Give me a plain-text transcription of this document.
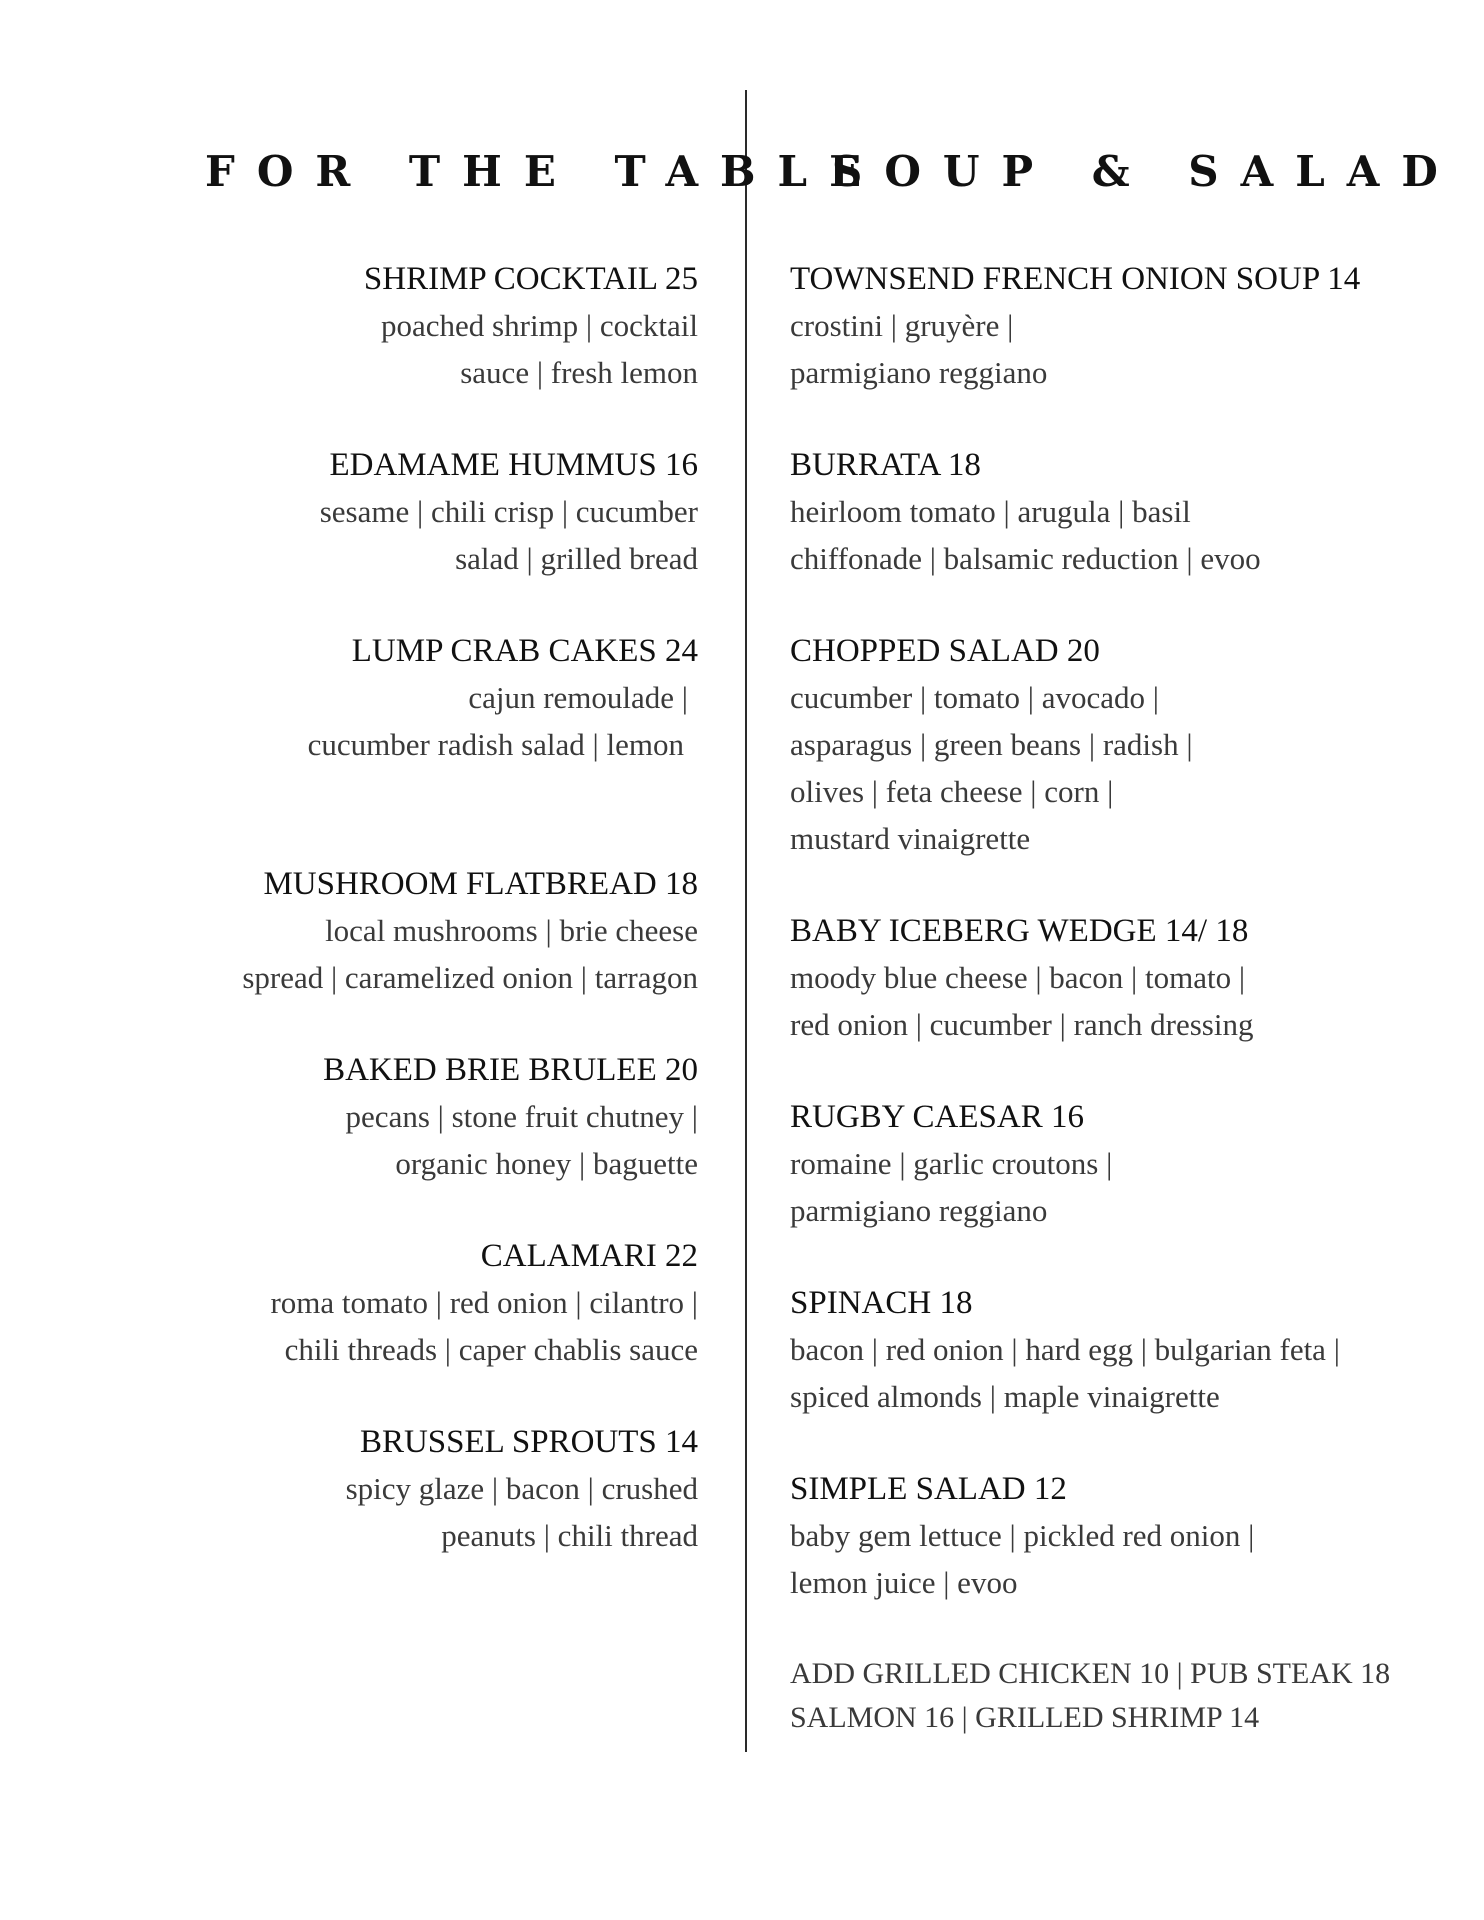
FOR THE TABLE
SOUP & SALAD
SHRIMP COCKTAIL 25
poached shrimp | cocktail
sauce | fresh lemon
EDAMAME HUMMUS 16
sesame | chili crisp | cucumber
salad | grilled bread
LUMP CRAB CAKES 24
cajun remoulade |
cucumber radish salad | lemon
MUSHROOM FLATBREAD 18
local mushrooms | brie cheese
spread | caramelized onion | tarragon
BAKED BRIE BRULEE 20
pecans | stone fruit chutney |
organic honey | baguette
CALAMARI 22
roma tomato | red onion | cilantro |
chili threads | caper chablis sauce
BRUSSEL SPROUTS 14
spicy glaze | bacon | crushed
peanuts | chili thread
TOWNSEND FRENCH ONION SOUP 14
crostini | gruyère |
parmigiano reggiano
BURRATA 18
heirloom tomato | arugula | basil
chiffonade | balsamic reduction | evoo
CHOPPED SALAD 20
cucumber | tomato | avocado |
asparagus | green beans | radish |
olives | feta cheese | corn |
mustard vinaigrette
BABY ICEBERG WEDGE 14/ 18
moody blue cheese | bacon | tomato |
red onion | cucumber | ranch dressing
RUGBY CAESAR 16
romaine | garlic croutons |
parmigiano reggiano
SPINACH 18
bacon | red onion | hard egg | bulgarian feta |
spiced almonds | maple vinaigrette
SIMPLE SALAD 12
baby gem lettuce | pickled red onion |
lemon juice | evoo
ADD GRILLED CHICKEN 10 | PUB STEAK 18
SALMON 16 | GRILLED SHRIMP 14
